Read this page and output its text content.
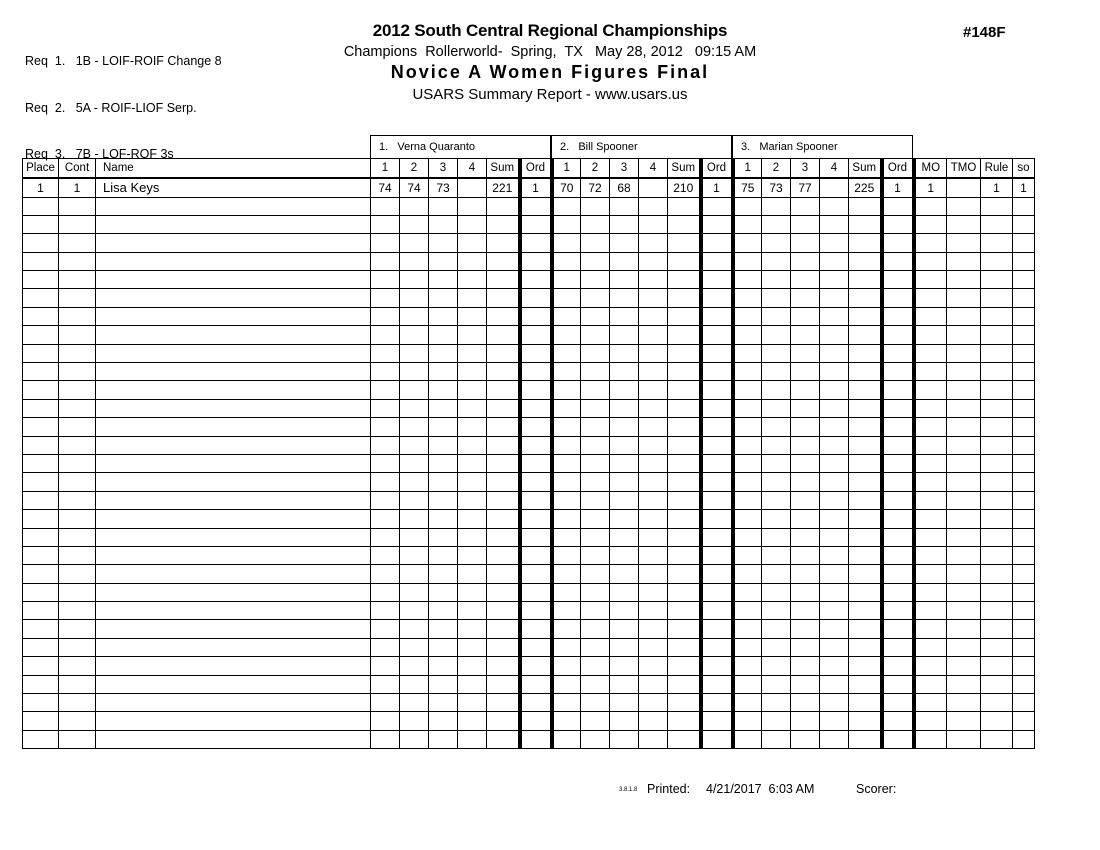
Req  1.   1B - LOIF-ROIF Change 8

Req  2.   5A - ROIF-LIOF Serp.

Req  3.   7B - LOF-ROF 3s

2012 South Central Regional Championships
Champions  Rollerworld-  Spring,  TX   May 28, 2012   09:15 AM
Novice A Women Figures Final
USARS Summary Report - www.usars.us
#148F
1.   Verna Quaranto	2.   Bill Spooner	3.   Marian Spooner
Place	Cont	Name	1	2	3	4	Sum	Ord	1	2	3	4	Sum	Ord	1	2	3	4	Sum	Ord	MO	TMO	Rule	so
1	1	Lisa Keys	74	74	73		221	1	70	72	68		210	1	75	73	77		225	1	1		1	1

3.8.1.8 Printed: 4/21/2017  6:03 AM	Scorer:
